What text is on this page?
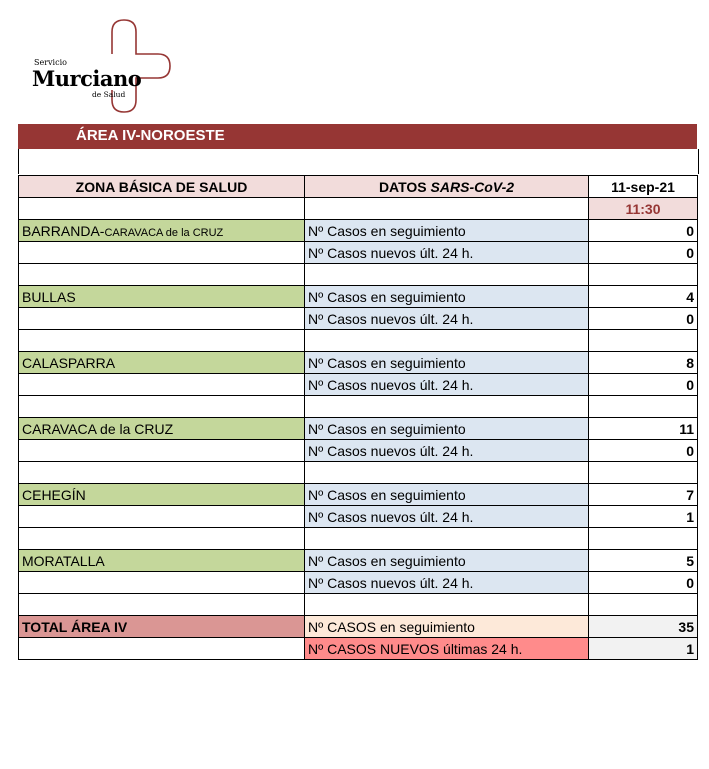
Servicio
Murciano
de Salud
ÁREA IV-NOROESTE
ZONA BÁSICA DE SALUD	DATOS SARS-CoV-2	11-sep-21
		11:30
BARRANDA-CARAVACA de la CRUZ	Nº Casos en seguimiento	0
	Nº Casos nuevos últ. 24 h.	0

BULLAS	Nº Casos en seguimiento	4
	Nº Casos nuevos últ. 24 h.	0

CALASPARRA	Nº Casos en seguimiento	8
	Nº Casos nuevos últ. 24 h.	0

CARAVACA de la CRUZ	Nº Casos en seguimiento	11
	Nº Casos nuevos últ. 24 h.	0

CEHEGÍN	Nº Casos en seguimiento	7
	Nº Casos nuevos últ. 24 h.	1

MORATALLA	Nº Casos en seguimiento	5
	Nº Casos nuevos últ. 24 h.	0

TOTAL ÁREA IV	Nº CASOS en seguimiento	35
	Nº CASOS NUEVOS últimas 24 h.	1
